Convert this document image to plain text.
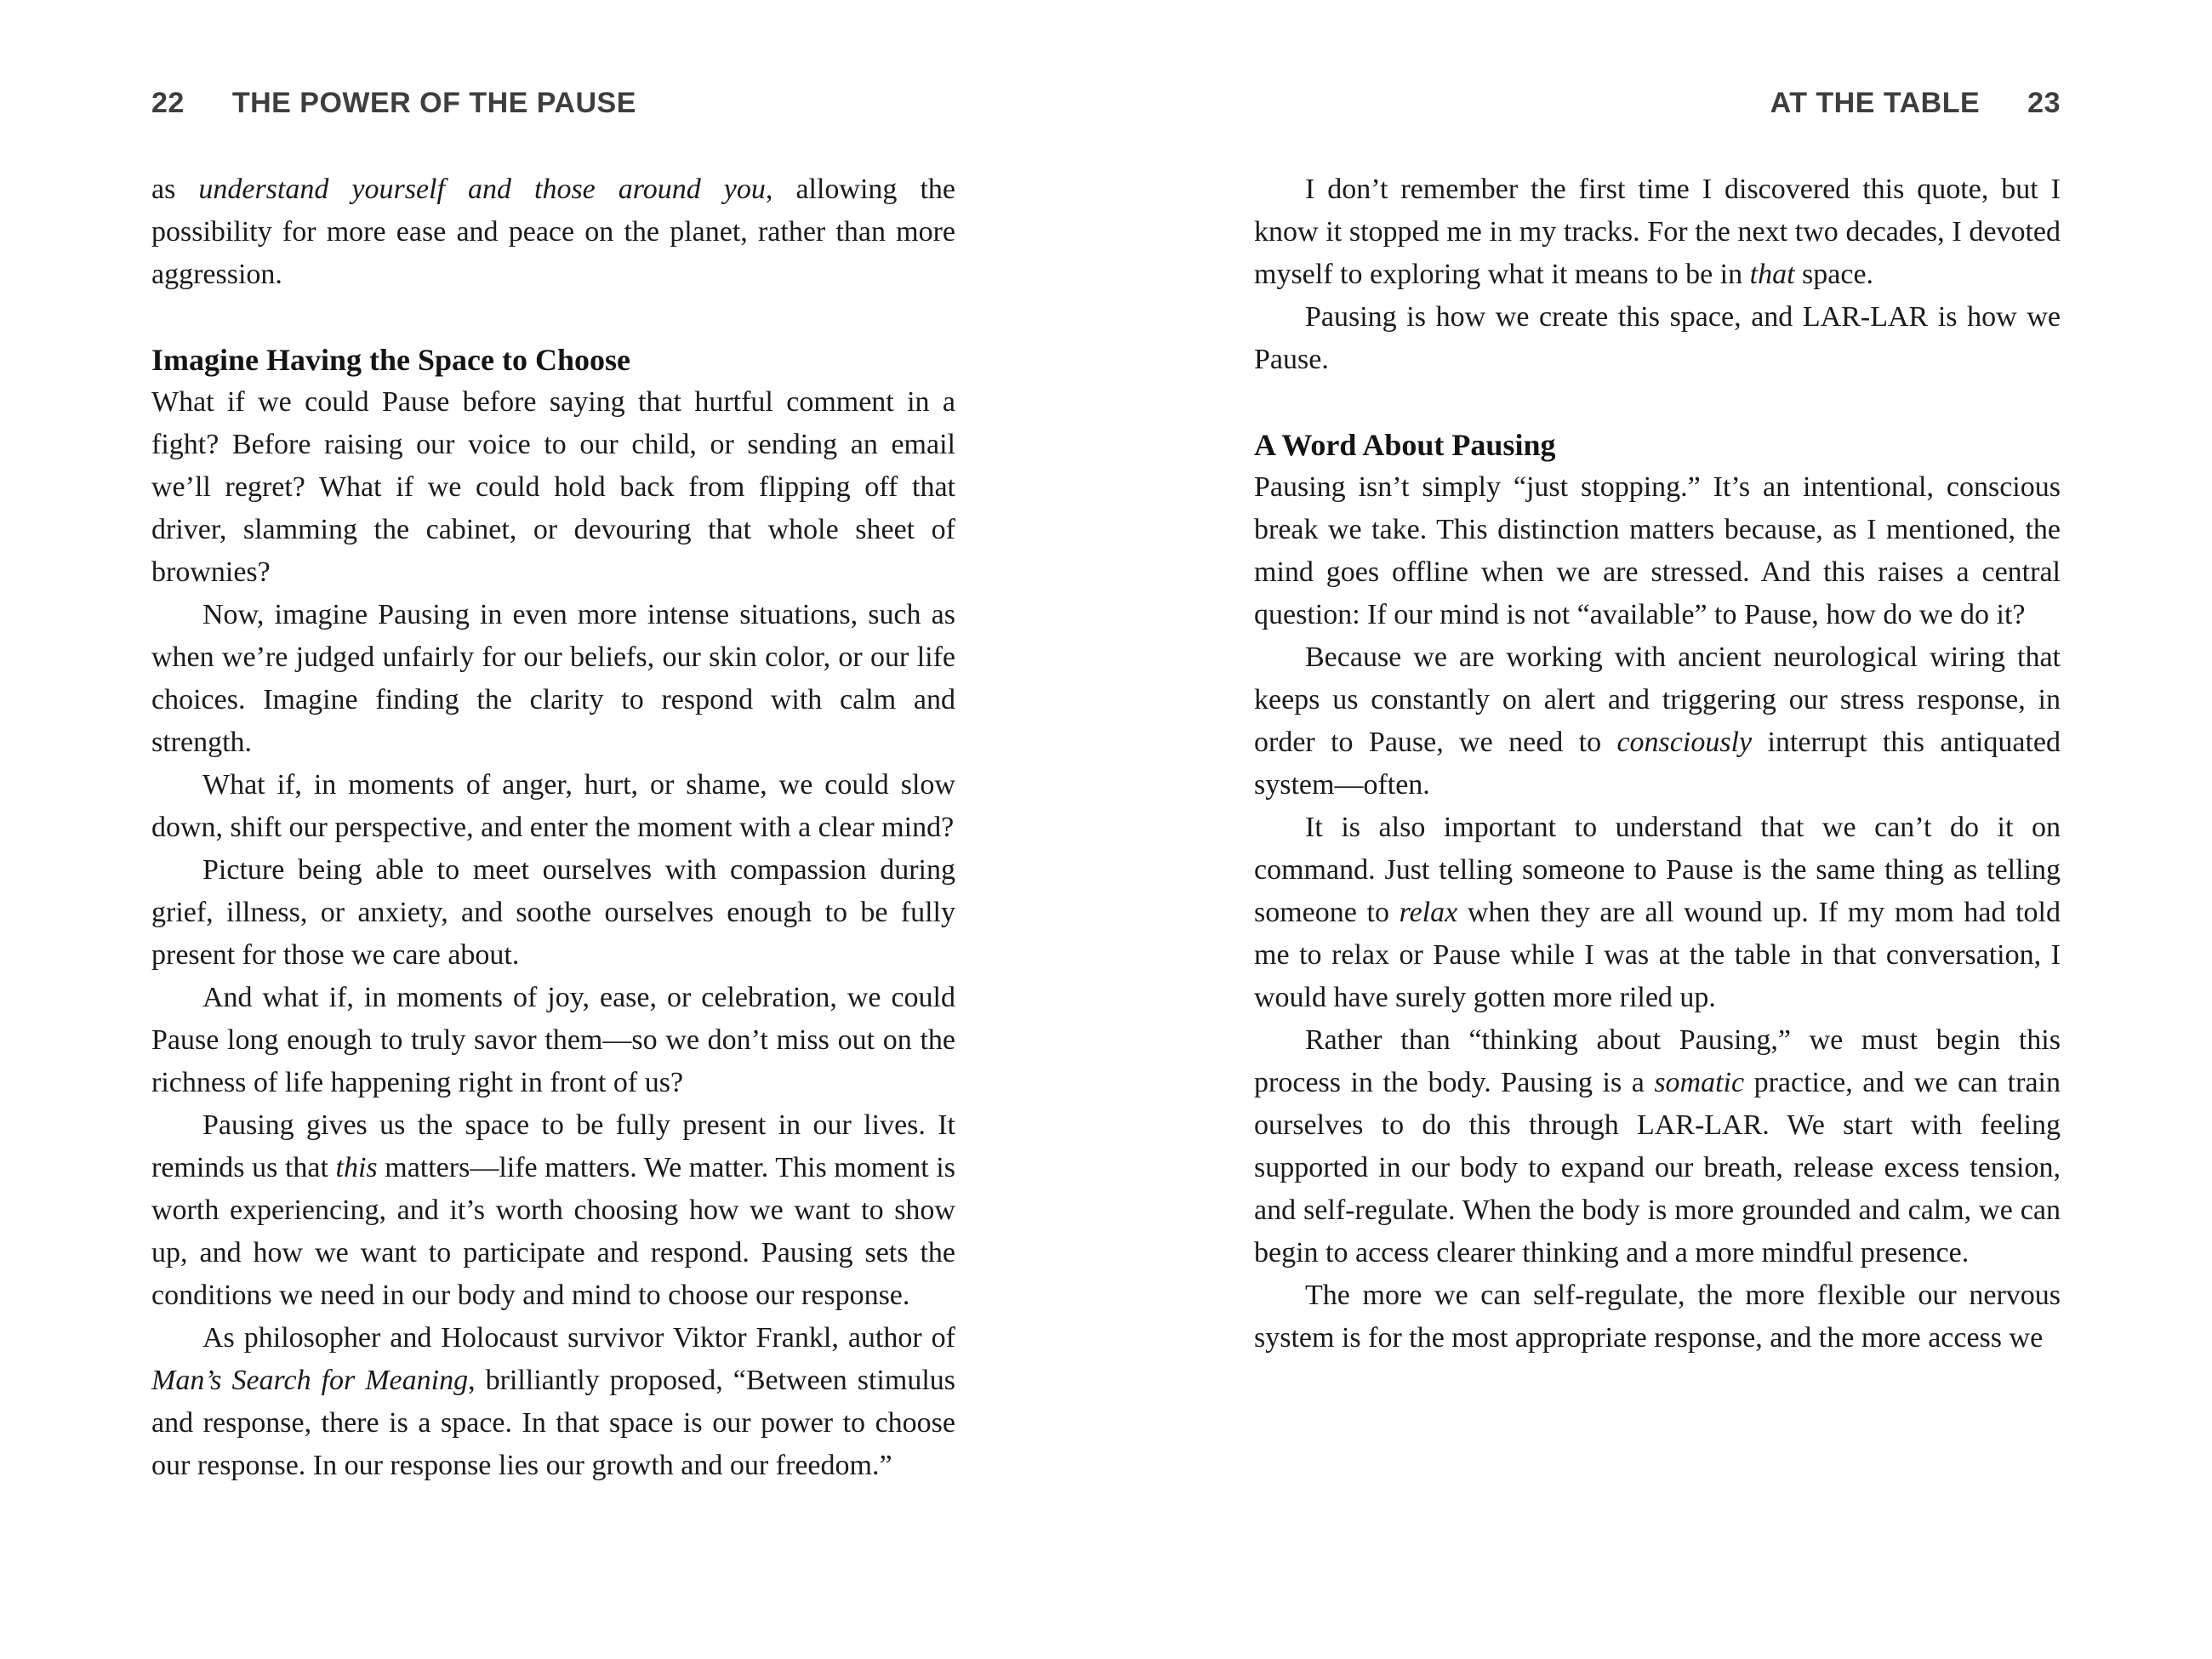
22 THE POWER OF THE PAUSE	AT THE TABLE 23

as understand yourself and those around you, allowing the possibility for more ease and peace on the planet, rather than more aggression.

Imagine Having the Space to Choose

What if we could Pause before saying that hurtful comment in a fight? Before raising our voice to our child, or sending an email we’ll regret? What if we could hold back from flipping off that driver, slamming the cabinet, or devouring that whole sheet of brownies?

Now, imagine Pausing in even more intense situations, such as when we’re judged unfairly for our beliefs, our skin color, or our life choices. Imagine finding the clarity to respond with calm and strength.

What if, in moments of anger, hurt, or shame, we could slow down, shift our perspective, and enter the moment with a clear mind?

Picture being able to meet ourselves with compassion during grief, illness, or anxiety, and soothe ourselves enough to be fully present for those we care about.

And what if, in moments of joy, ease, or celebration, we could Pause long enough to truly savor them—so we don’t miss out on the richness of life happening right in front of us?

Pausing gives us the space to be fully present in our lives. It reminds us that this matters—life matters. We matter. This moment is worth experiencing, and it’s worth choosing how we want to show up, and how we want to participate and respond. Pausing sets the conditions we need in our body and mind to choose our response.

As philosopher and Holocaust survivor Viktor Frankl, author of Man’s Search for Meaning, brilliantly proposed, “Between stimulus and response, there is a space. In that space is our power to choose our response. In our response lies our growth and our freedom.”

I don’t remember the first time I discovered this quote, but I know it stopped me in my tracks. For the next two decades, I devoted myself to exploring what it means to be in that space.

Pausing is how we create this space, and LAR-LAR is how we Pause.

A Word About Pausing

Pausing isn’t simply “just stopping.” It’s an intentional, conscious break we take. This distinction matters because, as I mentioned, the mind goes offline when we are stressed. And this raises a central question: If our mind is not “available” to Pause, how do we do it?

Because we are working with ancient neurological wiring that keeps us constantly on alert and triggering our stress response, in order to Pause, we need to consciously interrupt this antiquated system—often.

It is also important to understand that we can’t do it on command. Just telling someone to Pause is the same thing as telling someone to relax when they are all wound up. If my mom had told me to relax or Pause while I was at the table in that conversation, I would have surely gotten more riled up.

Rather than “thinking about Pausing,” we must begin this process in the body. Pausing is a somatic practice, and we can train ourselves to do this through LAR-LAR. We start with feeling supported in our body to expand our breath, release excess tension, and self-regulate. When the body is more grounded and calm, we can begin to access clearer thinking and a more mindful presence.

The more we can self-regulate, the more flexible our nervous system is for the most appropriate response, and the more access we
